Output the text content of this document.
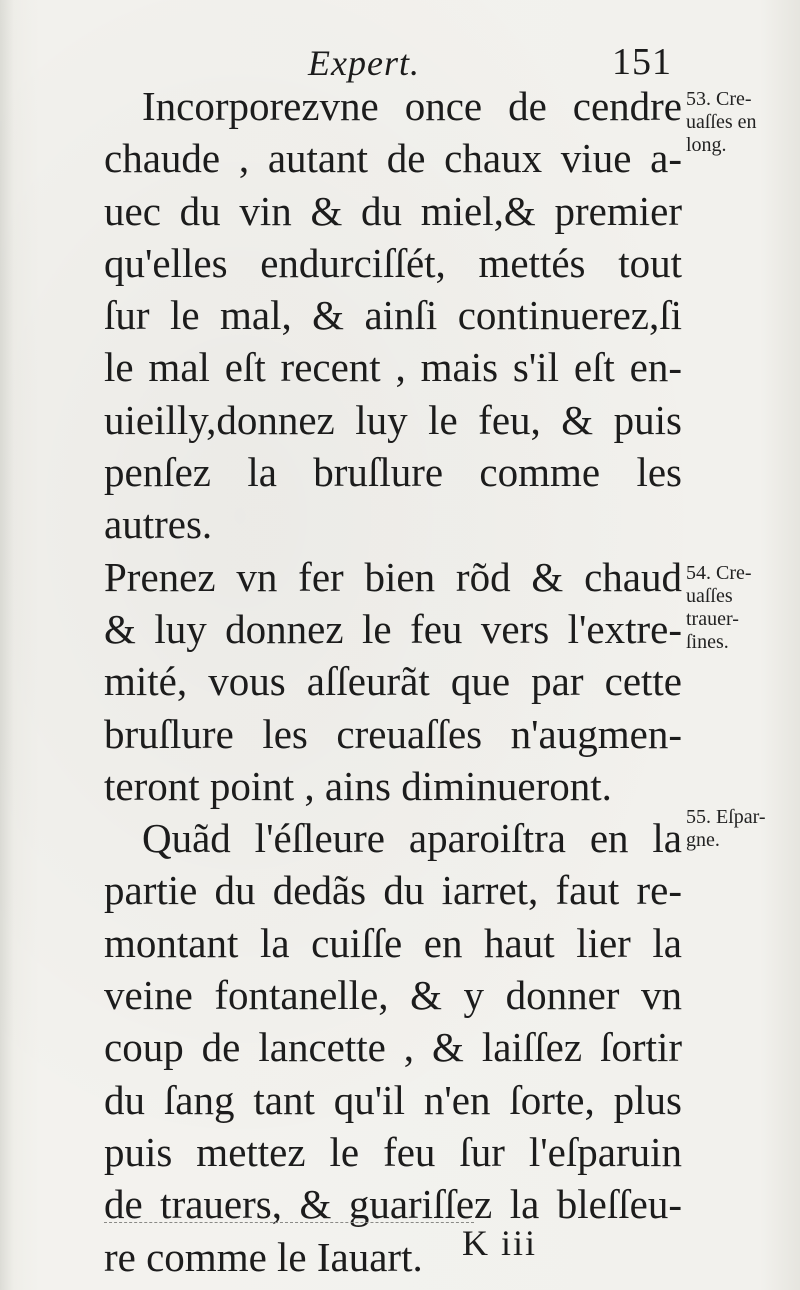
Expert.	151
Incorporezvne once de cendre
chaude , autant de chaux viue a-
uec du vin & du miel,& premier
qu'elles endurciſſét, mettés tout
ſur le mal, & ainſi continuerez,ſi
le mal eſt recent , mais s'il eſt en-
uieilly,donnez luy le feu, & puis
penſez la bruſlure comme les
autres.
Prenez vn fer bien rõd & chaud
& luy donnez le feu vers l'extre-
mité, vous aſſeurãt que par cette
bruſlure les creuaſſes n'augmen-
teront point , ains diminueront.
Quãd l'éſleure aparoiſtra en la
partie du dedãs du iarret, faut re-
montant la cuiſſe en haut lier la
veine fontanelle, & y donner vn
coup de lancette , & laiſſez ſortir
du ſang tant qu'il n'en ſorte, plus
puis mettez le feu ſur l'eſparuin
de trauers, & guariſſez la bleſſeu-
re comme le Iauart.
53. Cre-
uaſſes en
long.
54. Cre-
uaſſes
trauer-
ſines.
55. Eſpar-
gne.
K iii
